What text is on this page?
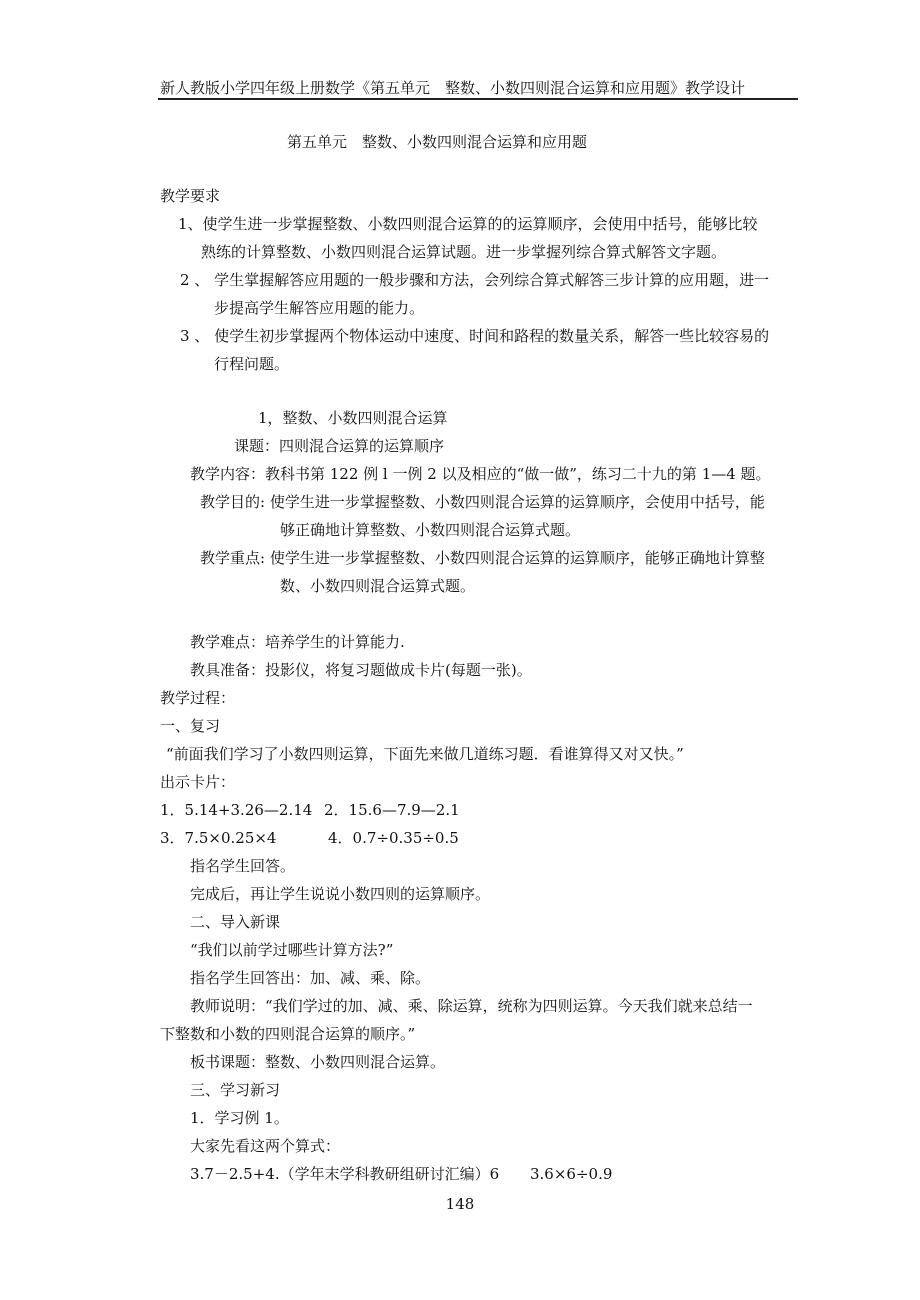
新人教版小学四年级上册数学《第五单元　整数、小数四则混合运算和应用题》教学设计
第五单元　整数、小数四则混合运算和应用题
教学要求
1、使学生进一步掌握整数、小数四则混合运算的的运算顺序，会使用中括号，能够比较
熟练的计算整数、小数四则混合运算试题。进一步掌握列综合算式解答文字题。
2 、 学生掌握解答应用题的一般步骤和方法，会列综合算式解答三步计算的应用题，进一
步提高学生解答应用题的能力。
3 、 使学生初步掌握两个物体运动中速度、时间和路程的数量关系，解答一些比较容易的
行程问题。
1，整数、小数四则混合运算
课题：四则混合运算的运算顺序
教学内容：教科书第 122 例 l 一例 2 以及相应的“做一做”，练习二十九的第 1—4 题。
教学目的: 使学生进一步掌握整数、小数四则混合运算的运算顺序，会使用中括号，能
够正确地计算整数、小数四则混合运算式题。
教学重点: 使学生进一步掌握整数、小数四则混合运算的运算顺序，能够正确地计算整
数、小数四则混合运算式题。
教学难点：培养学生的计算能力.
教具准备：投影仪，将复习题做成卡片(每题一张)。
教学过程：
一、复习
“前面我们学习了小数四则运算，下面先来做几道练习题．看谁算得又对又快。”
出示卡片：
1．5.14+3.26—2.14 2．15.6—7.9—2.1
3．7.5×0.25×4	4．0.7÷0.35÷0.5
指名学生回答。
完成后，再让学生说说小数四则的运算顺序。
二、导入新课
“我们以前学过哪些计算方法?”
指名学生回答出：加、减、乘、除。
教师说明：“我们学过的加、减、乘、除运算，统称为四则运算。今天我们就来总结一
下整数和小数的四则混合运算的顺序。”
板书课题：整数、小数四则混合运算。
三、学习新习
1．学习例 1。
大家先看这两个算式：
3.7－2.5+4.（学年末学科教研组研讨汇编）6 3.6×6÷0.9
148
